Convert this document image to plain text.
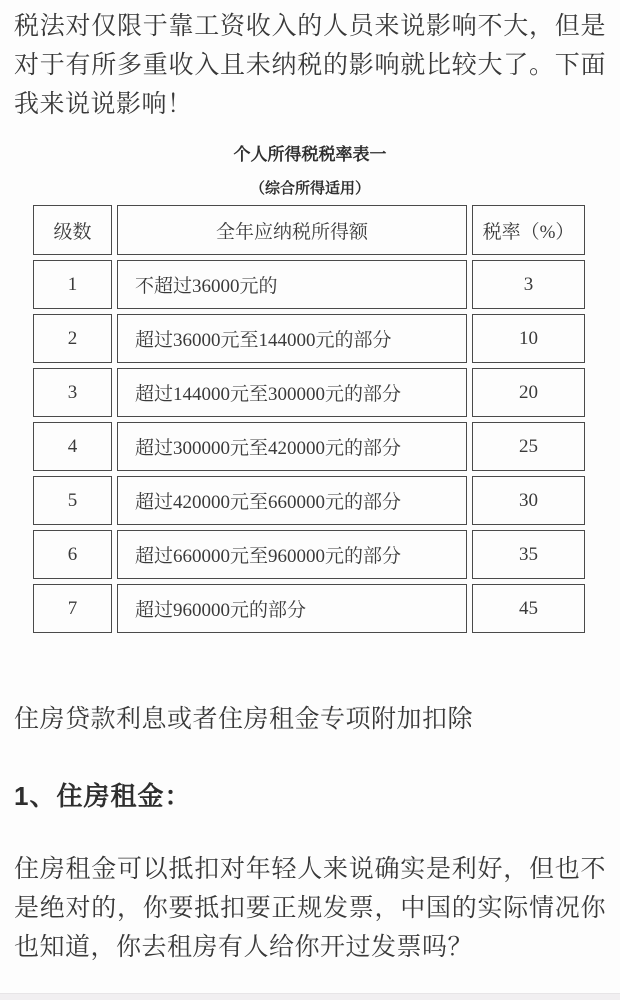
税法对仅限于靠工资收入的人员来说影响不大，但是对于有所多重收入且未纳税的影响就比较大了。下面我来说说影响！

个人所得税税率表一
（综合所得适用）
级数	全年应纳税所得额	税率（%）
1	不超过36000元的	3
2	超过36000元至144000元的部分	10
3	超过144000元至300000元的部分	20
4	超过300000元至420000元的部分	25
5	超过420000元至660000元的部分	30
6	超过660000元至960000元的部分	35
7	超过960000元的部分	45

住房贷款利息或者住房租金专项附加扣除

1、住房租金：

住房租金可以抵扣对年轻人来说确实是利好，但也不是绝对的，你要抵扣要正规发票，中国的实际情况你也知道，你去租房有人给你开过发票吗？
